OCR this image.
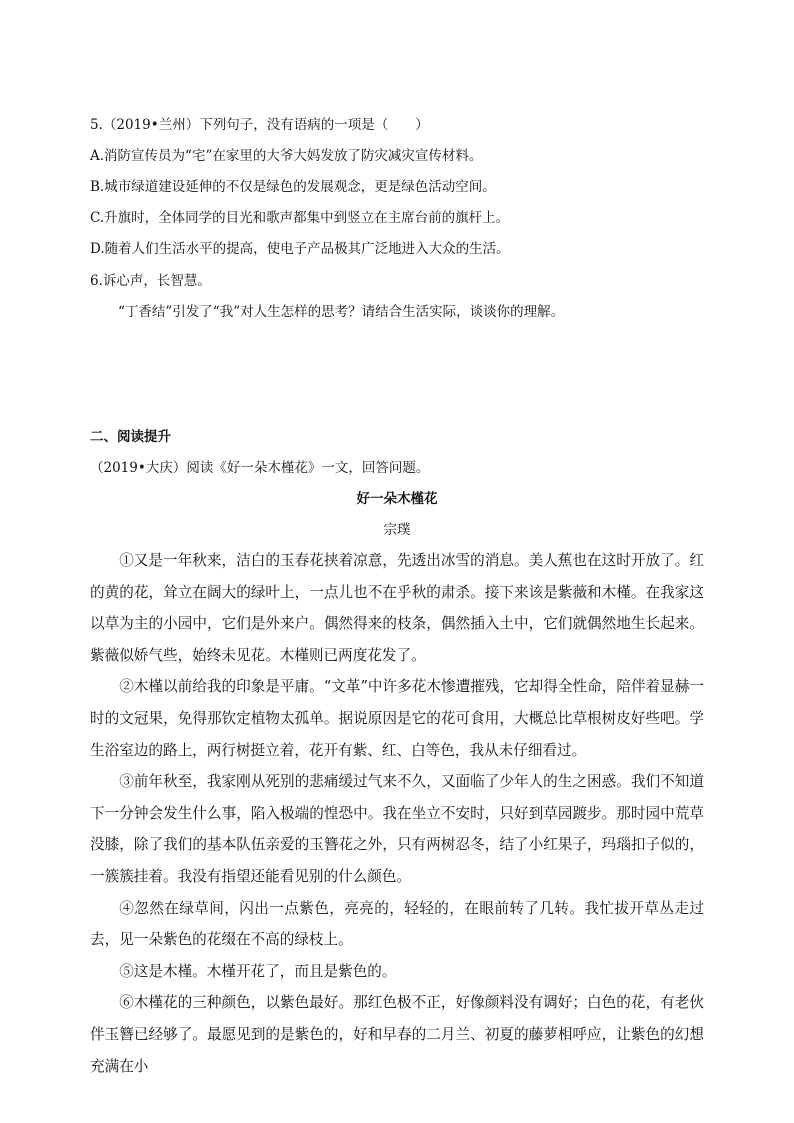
5.（2019•兰州）下列句子，没有语病的一项是（　　）
A.消防宣传员为“宅”在家里的大爷大妈发放了防灾减灾宣传材料。
B.城市绿道建设延伸的不仅是绿色的发展观念，更是绿色活动空间。
C.升旗时，全体同学的目光和歌声都集中到竖立在主席台前的旗杆上。
D.随着人们生活水平的提高，使电子产品极其广泛地进入大众的生活。
6.诉心声，长智慧。
“丁香结”引发了“我”对人生怎样的思考？请结合生活实际，谈谈你的理解。
二、阅读提升
（2019•大庆）阅读《好一朵木槿花》一文，回答问题。
好一朵木槿花
宗璞

①又是一年秋来，洁白的玉春花挟着凉意，先透出冰雪的消息。美人蕉也在这时开放了。红的黄的花，耸立在阔大的绿叶上，一点儿也不在乎秋的肃杀。接下来该是紫薇和木槿。在我家这以草为主的小园中，它们是外来户。偶然得来的枝条，偶然插入土中，它们就偶然地生长起来。紫薇似娇气些，始终未见花。木槿则已两度花发了。

②木槿以前给我的印象是平庸。“文革”中许多花木惨遭摧残，它却得全性命，陪伴着显赫一时的文冠果，免得那钦定植物太孤单。据说原因是它的花可食用，大概总比草根树皮好些吧。学生浴室边的路上，两行树挺立着，花开有紫、红、白等色，我从未仔细看过。

③前年秋至，我家刚从死别的悲痛缓过气来不久，又面临了少年人的生之困惑。我们不知道下一分钟会发生什么事，陷入极端的惶恐中。我在坐立不安时，只好到草园踱步。那时园中荒草没膝，除了我们的基本队伍亲爱的玉簪花之外，只有两树忍冬，结了小红果子，玛瑙扣子似的，一簇簇挂着。我没有指望还能看见别的什么颜色。

④忽然在绿草间，闪出一点紫色，亮亮的，轻轻的，在眼前转了几转。我忙拔开草丛走过去，见一朵紫色的花缀在不高的绿枝上。

⑤这是木槿。木槿开花了，而且是紫色的。

⑥木槿花的三种颜色，以紫色最好。那红色极不正，好像颜料没有调好；白色的花，有老伙伴玉簪已经够了。最愿见到的是紫色的，好和早春的二月兰、初夏的藤萝相呼应，让紫色的幻想充满在小
